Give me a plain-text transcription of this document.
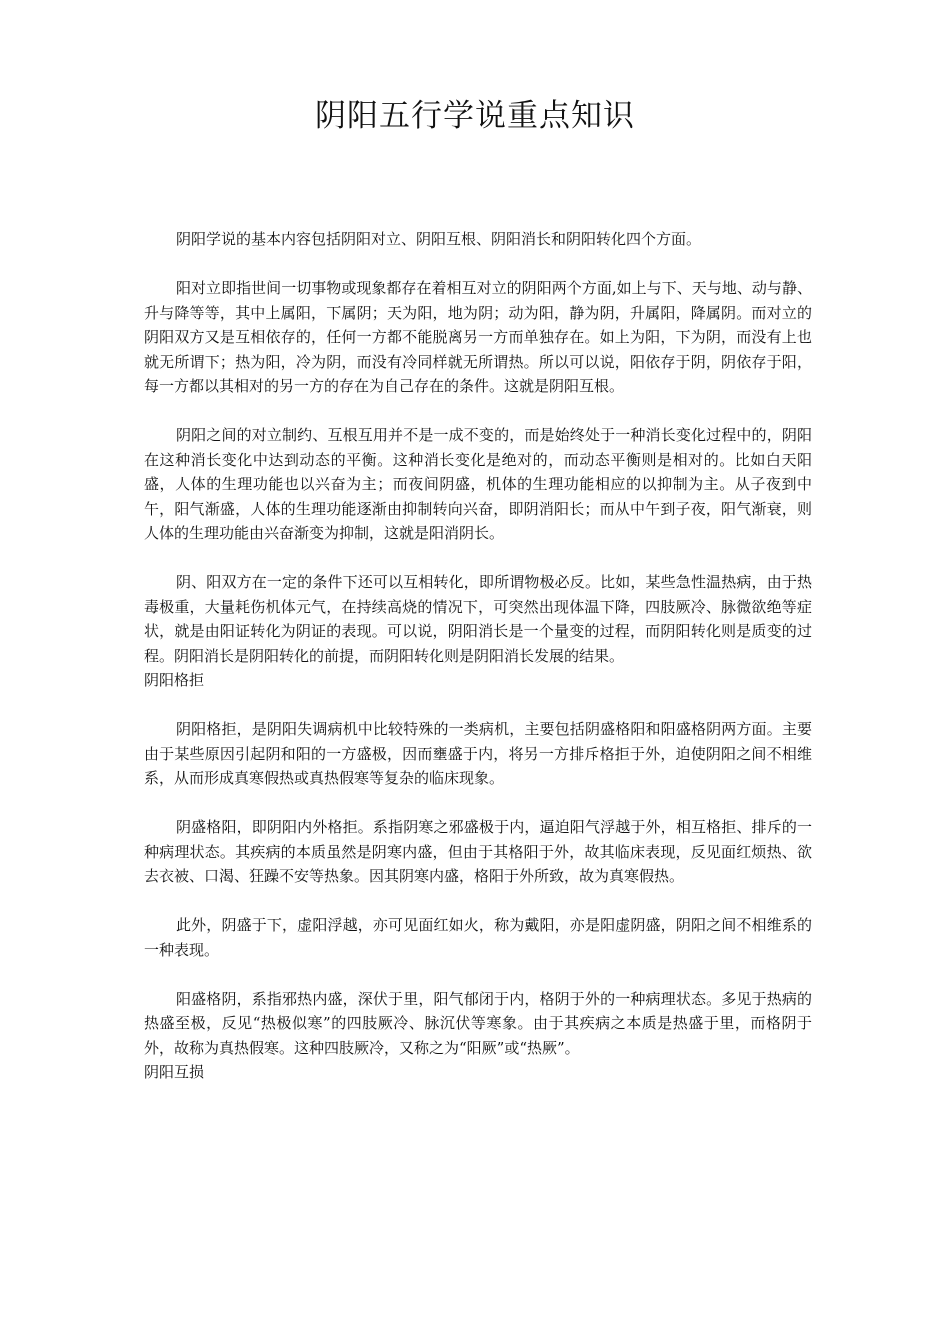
阴阳五行学说重点知识

阴阳学说的基本内容包括阴阳对立、阴阳互根、阴阳消长和阴阳转化四个方面。

阳对立即指世间一切事物或现象都存在着相互对立的阴阳两个方面,如上与下、天与地、动与静、升与降等等，其中上属阳，下属阴；天为阳，地为阴；动为阳，静为阴，升属阳，降属阴。而对立的阴阳双方又是互相依存的，任何一方都不能脱离另一方而单独存在。如上为阳，下为阴，而没有上也就无所谓下；热为阳，冷为阴，而没有冷同样就无所谓热。所以可以说，阳依存于阴，阴依存于阳，每一方都以其相对的另一方的存在为自己存在的条件。这就是阴阳互根。

阴阳之间的对立制约、互根互用并不是一成不变的，而是始终处于一种消长变化过程中的，阴阳在这种消长变化中达到动态的平衡。这种消长变化是绝对的，而动态平衡则是相对的。比如白天阳盛，人体的生理功能也以兴奋为主；而夜间阴盛，机体的生理功能相应的以抑制为主。从子夜到中午，阳气渐盛，人体的生理功能逐渐由抑制转向兴奋，即阴消阳长；而从中午到子夜，阳气渐衰，则人体的生理功能由兴奋渐变为抑制，这就是阳消阴长。

阴、阳双方在一定的条件下还可以互相转化，即所谓物极必反。比如，某些急性温热病，由于热毒极重，大量耗伤机体元气，在持续高烧的情况下，可突然出现体温下降，四肢厥冷、脉微欲绝等症状，就是由阳证转化为阴证的表现。可以说，阴阳消长是一个量变的过程，而阴阳转化则是质变的过程。阴阳消长是阴阳转化的前提，而阴阳转化则是阴阳消长发展的结果。

阴阳格拒

阴阳格拒，是阴阳失调病机中比较特殊的一类病机，主要包括阴盛格阳和阳盛格阴两方面。主要由于某些原因引起阴和阳的一方盛极，因而壅盛于内，将另一方排斥格拒于外，迫使阴阳之间不相维系，从而形成真寒假热或真热假寒等复杂的临床现象。

阴盛格阳，即阴阳内外格拒。系指阴寒之邪盛极于内，逼迫阳气浮越于外，相互格拒、排斥的一种病理状态。其疾病的本质虽然是阴寒内盛，但由于其格阳于外，故其临床表现，反见面红烦热、欲去衣被、口渴、狂躁不安等热象。因其阴寒内盛，格阳于外所致，故为真寒假热。

此外，阴盛于下，虚阳浮越，亦可见面红如火，称为戴阳，亦是阳虚阴盛，阴阳之间不相维系的一种表现。

阳盛格阴，系指邪热内盛，深伏于里，阳气郁闭于内，格阴于外的一种病理状态。多见于热病的热盛至极，反见“热极似寒”的四肢厥冷、脉沉伏等寒象。由于其疾病之本质是热盛于里，而格阴于外，故称为真热假寒。这种四肢厥冷，又称之为“阳厥”或“热厥”。

阴阳互损
